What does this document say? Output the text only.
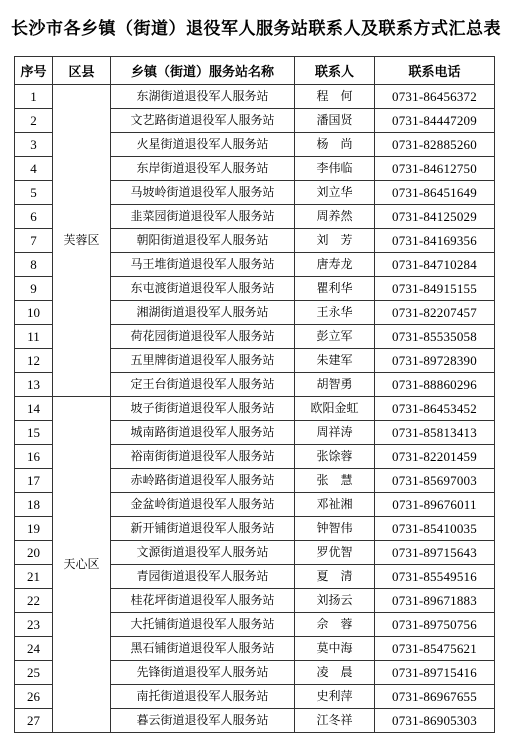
长沙市各乡镇（街道）退役军人服务站联系人及联系方式汇总表
序号	区县	乡镇（街道）服务站名称	联系人	联系电话
1	芙蓉区	东湖街道退役军人服务站	程　何	0731-86456372
2		文艺路街道退役军人服务站	潘国贤	0731-84447209
3		火星街道退役军人服务站	杨　尚	0731-82885260
4		东岸街道退役军人服务站	李伟临	0731-84612750
5		马坡岭街道退役军人服务站	刘立华	0731-86451649
6		韭菜园街道退役军人服务站	周养然	0731-84125029
7		朝阳街道退役军人服务站	刘　芳	0731-84169356
8		马王堆街道退役军人服务站	唐寿龙	0731-84710284
9		东屯渡街道退役军人服务站	瞿利华	0731-84915155
10		湘湖街道退役军人服务站	王永华	0731-82207457
11		荷花园街道退役军人服务站	彭立军	0731-85535058
12		五里牌街道退役军人服务站	朱建军	0731-89728390
13		定王台街道退役军人服务站	胡智勇	0731-88860296
14	天心区	坡子街街道退役军人服务站	欧阳金虹	0731-86453452
15		城南路街道退役军人服务站	周祥涛	0731-85813413
16		裕南街街道退役军人服务站	张馀蓉	0731-82201459
17		赤岭路街道退役军人服务站	张　慧	0731-85697003
18		金盆岭街道退役军人服务站	邓祉湘	0731-89676011
19		新开铺街道退役军人服务站	钟智伟	0731-85410035
20		文源街道退役军人服务站	罗优智	0731-89715643
21		青园街道退役军人服务站	夏　清	0731-85549516
22		桂花坪街道退役军人服务站	刘扬云	0731-89671883
23		大托铺街道退役军人服务站	佘　蓉	0731-89750756
24		黑石铺街道退役军人服务站	莫中海	0731-85475621
25		先锋街道退役军人服务站	凌　晨	0731-89715416
26		南托街道退役军人服务站	史利萍	0731-86967655
27		暮云街道退役军人服务站	江冬祥	0731-86905303
